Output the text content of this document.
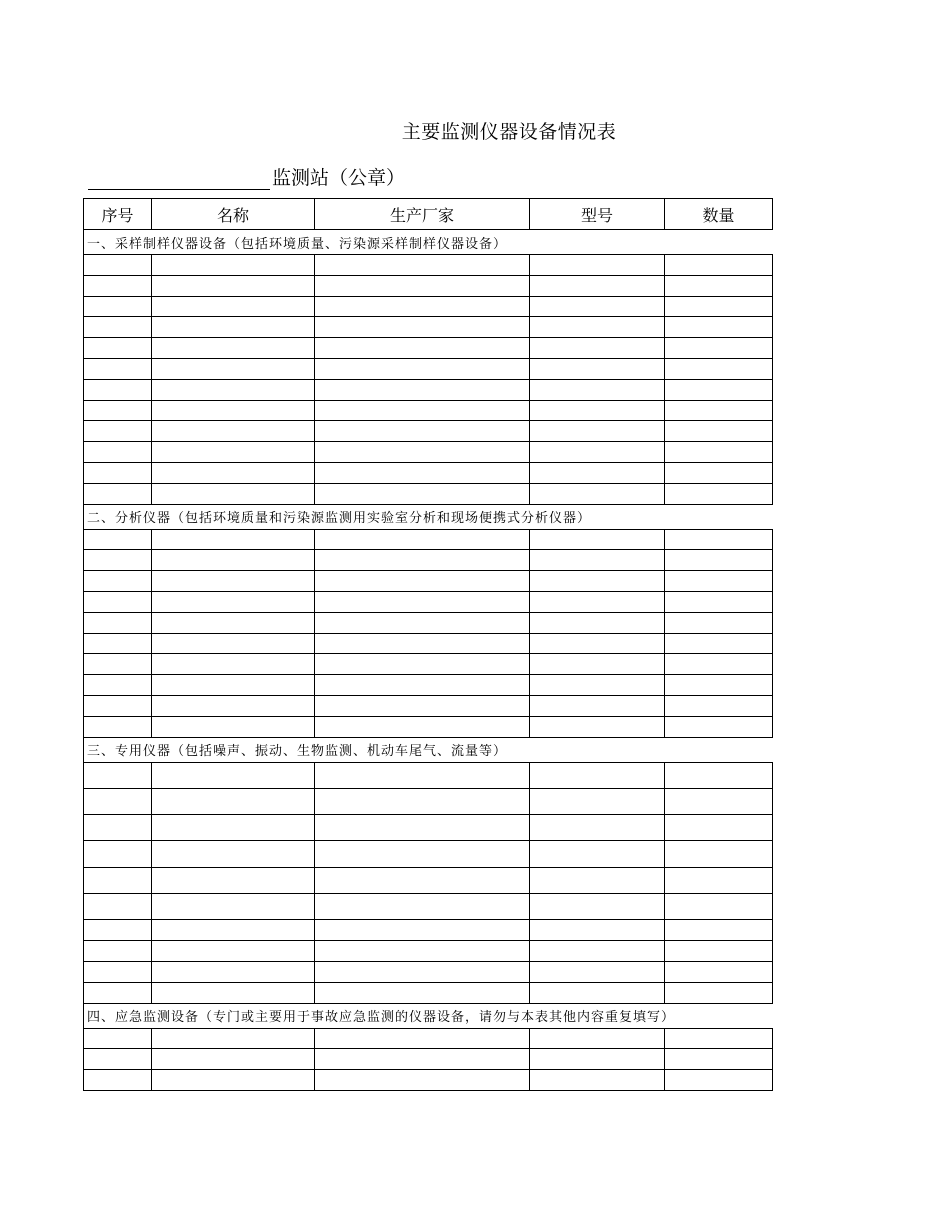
主要监测仪器设备情况表
监测站（公章）
序号	名称	生产厂家	型号	数量
一、采样制样仪器设备（包括环境质量、污染源采样制样仪器设备）				

二、分析仪器（包括环境质量和污染源监测用实验室分析和现场便携式分析仪器）				

三、专用仪器（包括噪声、振动、生物监测、机动车尾气、流量等）				

四、应急监测设备（专门或主要用于事故应急监测的仪器设备，请勿与本表其他内容重复填写）				
